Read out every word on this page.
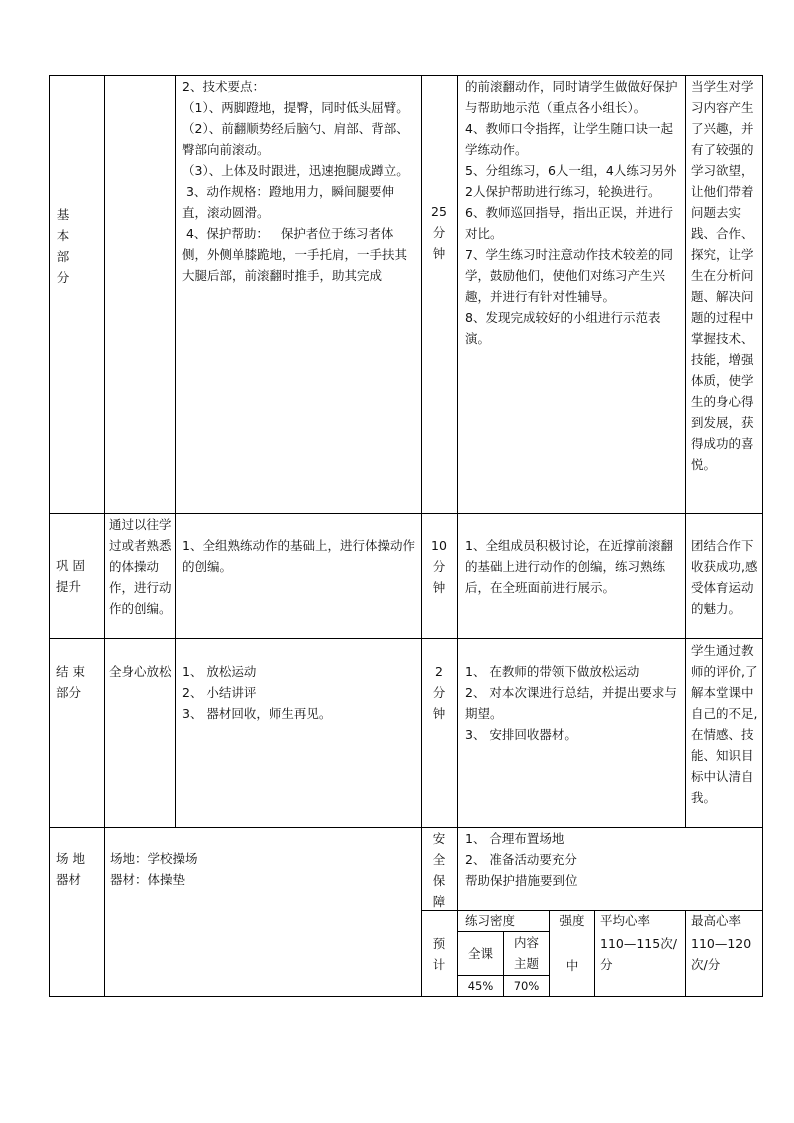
基
本
部
分
2、技术要点：
（1）、两脚蹬地，提臀，同时低头屈臂。
（2）、前翻顺势经后脑勺、肩部、背部、臀部向前滚动。
（3）、上体及时跟进，迅速抱腿成蹲立。
3、动作规格：蹬地用力，瞬间腿要伸直，滚动圆滑。
4、保护帮助：   保护者位于练习者体侧，外侧单膝跪地，一手托肩，一手扶其大腿后部，前滚翻时推手，助其完成
25
分
钟
的前滚翻动作，同时请学生做做好保护与帮助地示范（重点各小组长）。
4、教师口令指挥，让学生随口诀一起学练动作。
5、分组练习，6人一组，4人练习另外2人保护帮助进行练习，轮换进行。
6、教师巡回指导，指出正误，并进行对比。
7、学生练习时注意动作技术较差的同学，鼓励他们，使他们对练习产生兴趣，并进行有针对性辅导。
8、发现完成较好的小组进行示范表演。
当学生对学习内容产生了兴趣，并有了较强的学习欲望，让他们带着问题去实践、合作、探究，让学生在分析问题、解决问题的过程中掌握技术、技能，增强体质，使学生的身心得到发展，获得成功的喜悦。
巩 固
提升
通过以往学过或者熟悉的体操动作，进行动作的创编。
1、全组熟练动作的基础上，进行体操动作的创编。
10
分
钟
1、全组成员积极讨论，在近撑前滚翻的基础上进行动作的创编，练习熟练后，在全班面前进行展示。
团结合作下收获成功,感受体育运动的魅力。
结 束
部分
全身心放松 1、 放松运动
2、 小结讲评
3、 器材回收，师生再见。
2
分
钟
1、 在教师的带领下做放松运动
2、 对本次课进行总结，并提出要求与期望。
3、 安排回收器材。
学生通过教师的评价,了解本堂课中自己的不足,在情感、技能、知识目标中认清自我。
场 地
器材
场地：学校操场
器材：体操垫
安
全
保
障
1、 合理布置场地
2、 准备活动要充分
帮助保护措施要到位
预
计
练习密度
全课
内容
主题
45%	70%
强度
中
平均心率
110—115次/分
最高心率
110—120次/分
